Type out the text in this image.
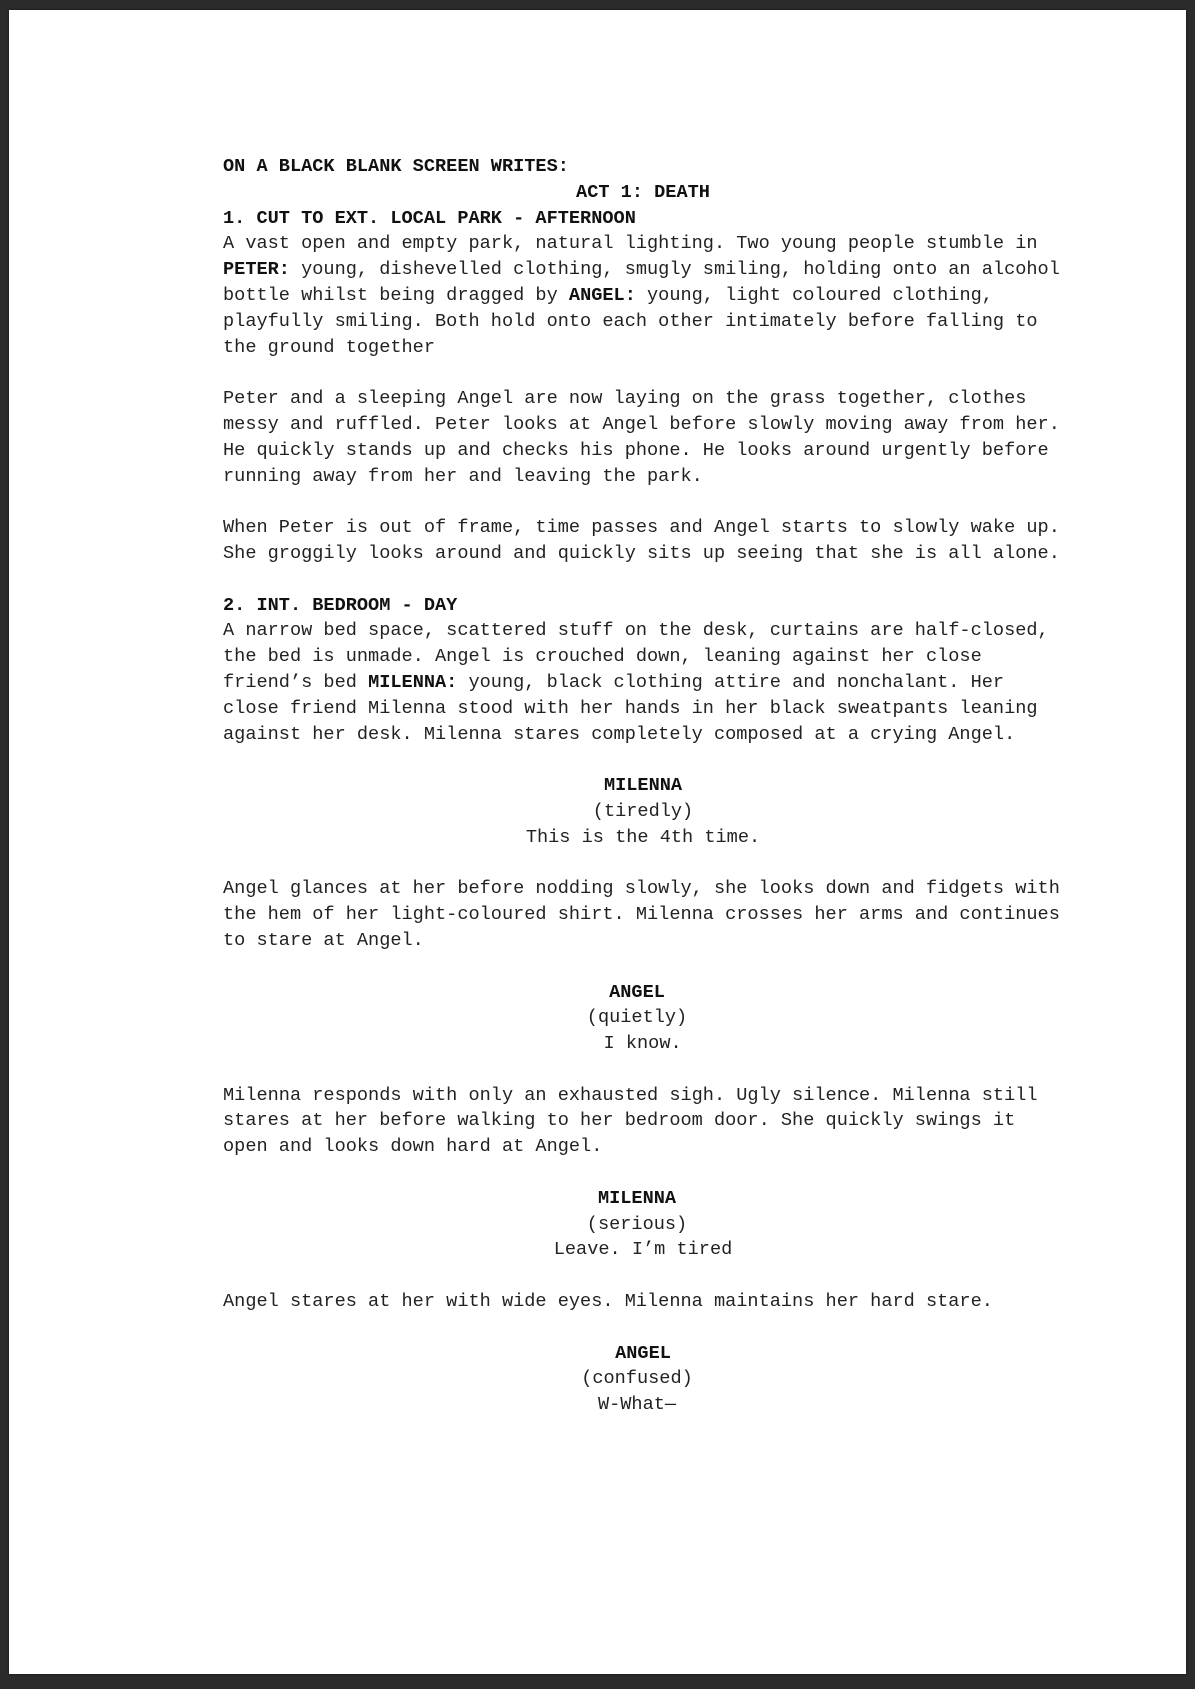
ON A BLACK BLANK SCREEN WRITES:

ACT 1: DEATH

1. CUT TO EXT. LOCAL PARK - AFTERNOON

A vast open and empty park, natural lighting. Two young people stumble in PETER: young, dishevelled clothing, smugly smiling, holding onto an alcohol bottle whilst being dragged by ANGEL: young, light coloured clothing, playfully smiling. Both hold onto each other intimately before falling to the ground together

Peter and a sleeping Angel are now laying on the grass together, clothes messy and ruffled. Peter looks at Angel before slowly moving away from her. He quickly stands up and checks his phone. He looks around urgently before running away from her and leaving the park.

When Peter is out of frame, time passes and Angel starts to slowly wake up. She groggily looks around and quickly sits up seeing that she is all alone.

2. INT. BEDROOM - DAY

A narrow bed space, scattered stuff on the desk, curtains are half-closed, the bed is unmade. Angel is crouched down, leaning against her close friend’s bed MILENNA: young, black clothing attire and nonchalant. Her close friend Milenna stood with her hands in her black sweatpants leaning against her desk. Milenna stares completely composed at a crying Angel.

MILENNA

(tiredly)

This is the 4th time.

Angel glances at her before nodding slowly, she looks down and fidgets with the hem of her light-coloured shirt. Milenna crosses her arms and continues to stare at Angel.

ANGEL

(quietly)

I know.

Milenna responds with only an exhausted sigh. Ugly silence. Milenna still stares at her before walking to her bedroom door. She quickly swings it open and looks down hard at Angel.

MILENNA

(serious)

Leave. I’m tired

Angel stares at her with wide eyes. Milenna maintains her hard stare.

ANGEL

(confused)

W-What—
